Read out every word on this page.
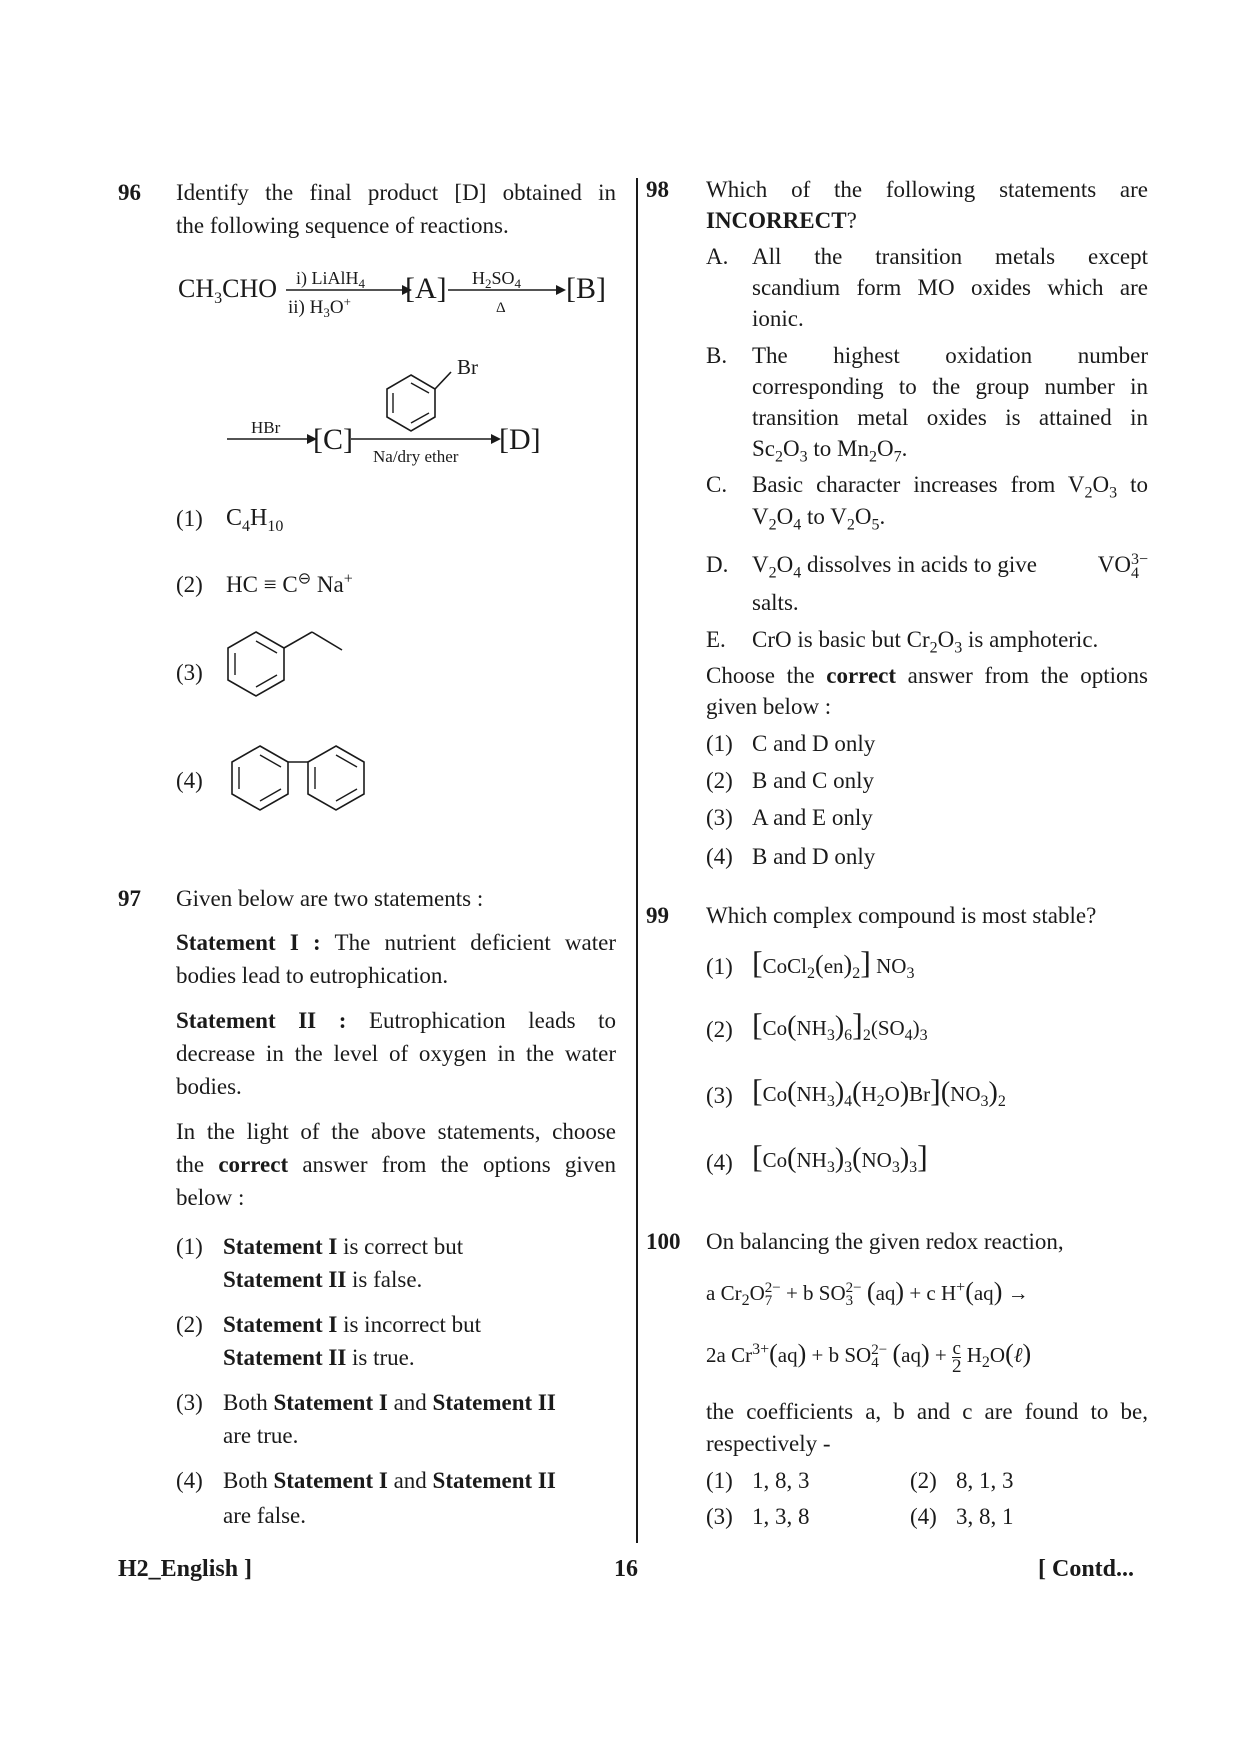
96 Identify the final product [D] obtained in
the following sequence of reactions.
$CH_3CHO$ i) LiAlH$_4$
ii) $H_3O^+$ [A] $H_2SO_4$
Δ
[B]
HBr [C]
Na/dry ether
[D]
Br
(1) $C_4H_{10}$
(2) HC ≡ C⊖ Na+
(3)
(4)
97 Given below are two statements :
Statement I : The nutrient deficient water
bodies lead to eutrophication.
Statement II : Eutrophication leads to
decrease in the level of oxygen in the water
bodies.
In the light of the above statements, choose
the correct answer from the options given
below :
(1) Statement I is correct but
Statement II is false.
(2) Statement I is incorrect but
Statement II is true.
(3) Both Statement I and Statement II
are true.
(4) Both Statement I and Statement II
are false.
98 Which of the following statements are
INCORRECT?
A. All the transition metals except
scandium form MO oxides which are
ionic.
B. The highest oxidation number
corresponding to the group number in
transition metal oxides is attained in
$Sc_2O_3$ to $Mn_2O_7$.
C. Basic character increases from $V_2O_3$ to
$V_2O_4$ to $V_2O_5$.
D. $V_2O_4$ dissolves in acids to give	VO3−
4
salts.
E. CrO is basic but $Cr_2O_3$ is amphoteric.
Choose the correct answer from the options
given below :
(1) C and D only
(2) B and C only
(3) A and E only
(4) B and D only
99 Which complex compound is most stable?
(1) $[CoCl_2(en)_2]$ $NO_3$
(2) $[Co(NH_3)_6]_2(SO_4)_3$
(3) $[Co(NH_3)_4(H_2O)Br](NO_3)_2$
(4) $[Co(NH_3)_3(NO_3)_3]$
100 On balancing the given redox reaction,
a $Cr_2O2-$
7 + b SO2−
3 (aq) + c H+(aq) →
2a $Cr^{3+}(aq) + b$ SO2−
4 (aq) + c

2 $H_2O(\ell)$
the coefficients a, b and c are found to be,
respectively -
(1) 1, 8, 3	(2) 8, 1, 3
(3) 1, 3, 8	(4) 3, 8, 1
H2_English ]	16	[ Contd...
